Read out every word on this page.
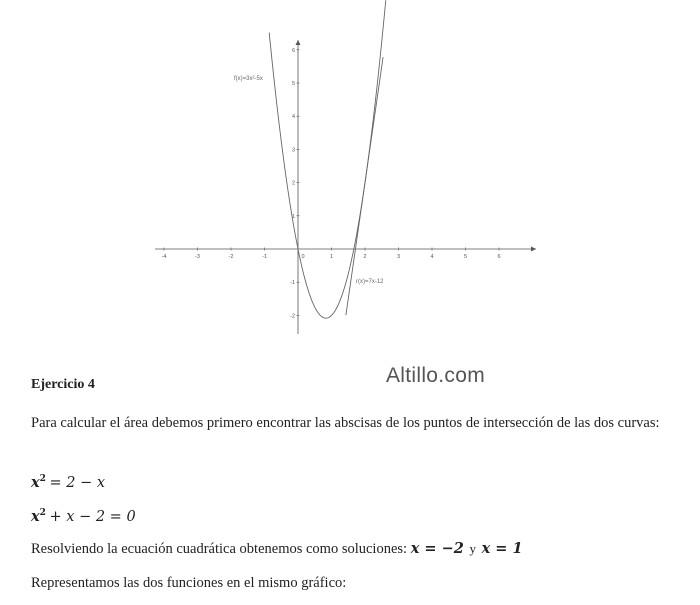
-4	-3	-2	-1	0	1	2	3	4	5	6
6
5
4
3
2
1
-1
-2
f(x)=3x²-5x
r(x)=7x-12
Altillo.com
Ejercicio 4
Para calcular el área debemos primero encontrar las abscisas de los puntos de intersección de las dos curvas:
$x^2 = 2 - x$
$x^2 + x - 2 = 0$
Resolviendo la ecuación cuadrática obtenemos como soluciones: x = −2 y x = 1
Representamos las dos funciones en el mismo gráfico:
